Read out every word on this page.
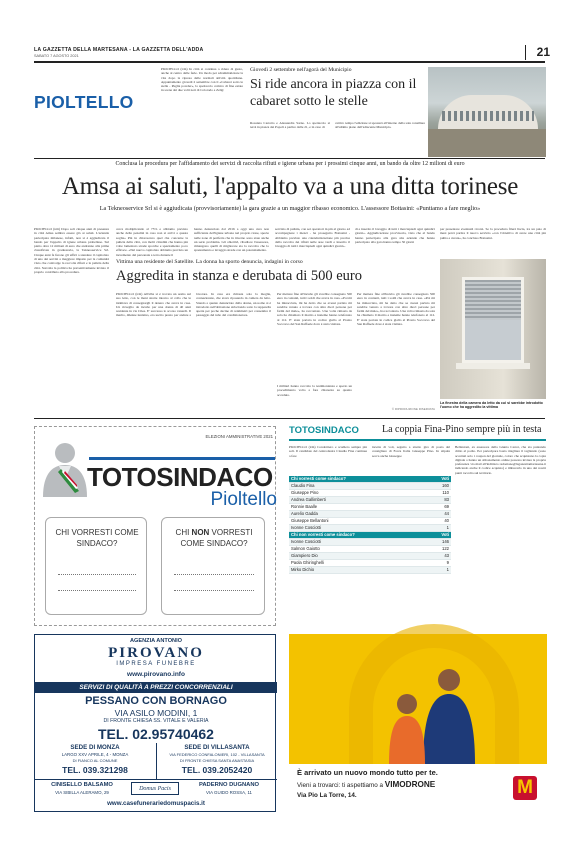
LA GAZZETTA DELLA MARTESANA - LA GAZZETTA DELL'ADDA
SABATO 7 AGOSTO 2021	21
PIOLTELLO
PIOLTELLO (trm) In città si continua a ridere di gusto, anche al centro dalle ferie. Un modo per sdrammatizzare la vita dopo la ripresa delle normali attività quotidiane. Appuntamento giovedì 2 settembre con il «Cabaret sotto le stelle - Puglia powder», lo spettacolo comico di fine estate in scena dai due volti noti di Colorado e Zelig:
Giovedì 2 settembre nell'agorà del Municipio
Si ride ancora in piazza con il cabaret sotto le stelle
Rosanna Carretto e Alessandra Sarno. Lo spettacolo si terrà in piazza dei Popoli a partire dalle 21, e in caso di
cattivo tempo l'edizione si sposterà all'interno della sala consiliare all'ultimo piano dell'adiacente Municipio.
Conclusa la procedura per l'affidamento dei servizi di raccolta rifiuti e igiene urbana per i prossimi cinque anni, un bando da oltre 12 milioni di euro
Amsa ai saluti, l'appalto va a una ditta torinese
La Tekneoservice Srl si è aggiudicata (provvisoriamente) la gara grazie a un maggior ribasso economico. L'assessore Bottasini: «Puntiamo a fare meglio»
PIOLTELLO (trm) Dopo soli cinque anni di presenza in città Amsa sembra essere già ai saluti. L'azienda partecipata milanese, infatti, non si è aggiudicata il bando per l'appalto di igiene urbana pioltellese. Sul piatto oltre 12 milioni di euro che andranno alla prima classificata in graduatoria, la Tekneoservice Srl. Cinque anni fa furono gli uffici a stendere il capitolato di uno dei servizi a maggiore impatto per la comunità visto che coinvolge la raccolta rifiuti e la pulizia della città. Stavolta la politica ha preventivamente inviato il proprio contributo alla procedura.
cerca moltiplicando al 75% e abbiamo previsto anche delle penalità in caso non si arrivi a questa soglia» Più in chiaroscuro quel che concerne la pulizia della città, con molti cittadini che hanno più volte lamentato strade sporche e spazzamento poco efficace. «Nel nuovo capitolato abbiamo previsto un incremento del personale a terra durante il
hanno denunciato dal 2016 a oggi una cura non sufficiente dell'igiene urbana nel proprio rione, specie nelle zone di periferia che in inverno sono state anche un serio problema. Gli obiettivi, ribadisce l'assessore, rimangono quelli di migliorare sia la raccolta che lo spazzamento e lavaggio strade con un potenziamento.
servizio di pulizia, con sei operatori in più al giorno ad accompagnare i mezzi - ha proseguito Bottasini - Abbiamo previsto una calendarizzazione più precisa della raccolta dei rifiuti nelle aree verdi e inserito il lavaggio di tutti i marciapiedi ogni quindici giorni».
di e inserito il lavaggio di tutti i marciapiedi ogni quindici giorni». Aggiudicazione provvisoria, visto che al bando hanno partecipato alla gara alte aziende che hanno partecipato alla gara hanno tempo 30 giorni
per presentare eventuali ricorsi. Se la procedura filerà liscia, tra un paio di mesi potrà partire il nuovo servizio «con l'obiettivo di avere una città più pulita e curata», ha concluso Bottasini.
Vittima una residente del Satellite. La donna ha sporto denuncia, indagini in corso
Aggredita in stanza e derubata di 500 euro
PIOLTELLO (trm) All'alba si è trovata un uomo sul suo letto, con le mani strette intorno al collo che le intimava di consegnargli il denaro che aveva in casa. Un risveglio da incubo per una donna di 40 anni residente in via Cilea. E' successo lo scorso venerdì. Il marito, 46enne tunisino, era uscito presto per andare a lavorare. In casa era rimasta solo la moglie, connazionale, che stava riposando in camera da letto. Stando a quanto denunciato dalla donna, un uomo si è introdotto nell'abitazione strisciando sotto la tapparella aperta per poche decine di centimetri per consentire il passaggio del tubo del condizionatore.
Per mettere fine all'incubo gli avrebbe consegnato 500 euro in contanti, tutti i soldi che aveva in casa. «Poi mi ha minacciata, mi ha detto che se avessi parlato mi sarebbe venuto a trovare con altre dieci persone per farmi del male», ha raccontato. Una volta rimasta da sola ha chiamato il marito e insieme hanno telefonato al 112. E' stata portata in codice giallo al Pronto Soccorso del San Raffaele dove è stata visitata.
I militari hanno raccolto la testimonianza e aperto un procedimento volto a fare chiarezza su quanto accaduto.
Per mettere fine all'incubo gli avrebbe consegnato 500 euro in contanti, tutti i soldi che aveva in casa. «Poi mi ha minacciata, mi ha detto che se avessi parlato mi sarebbe venuto a trovare con altre dieci persone per farmi del male», ha raccontato. Una volta rimasta da sola ha chiamato il marito e insieme hanno telefonato al 112. E' stata portata in codice giallo al Pronto Soccorso del San Raffaele dove è stata visitata.
© RIPRODUZIONE RISERVATA
La finestra della camera da letto da cui si sarebbe introdotto l'uomo che ha aggredito la vittima
ELEZIONI AMMINISTRATIVE 2021
TOTOSINDACO
Pioltello
CHI VORRESTI COME SINDACO?
CHI NON VORRESTI COME SINDACO?
TOTOSINDACO	La coppia Fina-Pino sempre più in testa
PIOLTELLO (trm) Condottiero e scudiero sempre più soli. Il candidato del centrodestra Claudio Fina continua a fare
incetta di voti, seguito a stretto giro di posta dal consigliere di Forza Italia Giuseppe Pino. In stipula secca anche Giuseppe
Bellantoni, ex assessore della Giunta Carrer, che sta puntando dritto al podio. Per partecipare basta ritagliare il tagliando (sono accettati solo i coupon del giornale, coloro che acquistano la copia digitale o hanno un abbonamento online possono inviare la propria preferenza via mail all'indirizzo redazione@lagazzettamartesana.it indicando anche il codice acquisto) e imbucarlo in uno dei nostri punti raccolta sul territorio.
Chi vorresti come sindaco?	Voti
Claudio Fina	160
Giuseppe Pino	110
Andrea Gallimberti	83
Ronnie Baalle	69
Aurelio Gadda	44
Giuseppe Bellantoni	40
Ivonne Cosciotti	1
Chi non vorresti come sindaco?	Voti
Ivonne Cosciotti	146
Salmon Gaiotto	122
Giampiero Dio	43
Paola Ghiringhelli	9
Mirko Dichio	1
AGENZIA ANTONIO
PIROVANO
IMPRESA FUNEBRE
www.pirovano.info
SERVIZI DI QUALITÀ A PREZZI CONCORRENZIALI
PESSANO CON BORNAGO
VIA ASILO MODINI, 1
DI FRONTE CHIESA SS. VITALE E VALERIA
TEL. 02.95740462
SEDE DI MONZA
LARGO XXV APRILE, 4 - MONZA
DI FIANCO AL COMUNE
TEL. 039.321298
SEDE DI VILLASANTA
VIA FEDERICO CONFALONIERI, 102 - VILLASANTA
DI FRONTE CHIESA SANTA ANASTASIA
TEL. 039.2052420
CINISELLO BALSAMO
VIA SIBILLA ALERAMO, 29
Domus Pacis
PADERNO DUGNANO
VIA GUIDO ROSSA, 11
www.casefunerariedomuspacis.it
È arrivato un nuovo mondo tutto per te.
Vieni a trovarci: ti aspettiamo a VIMODRONE
Via Pio La Torre, 14.	M
